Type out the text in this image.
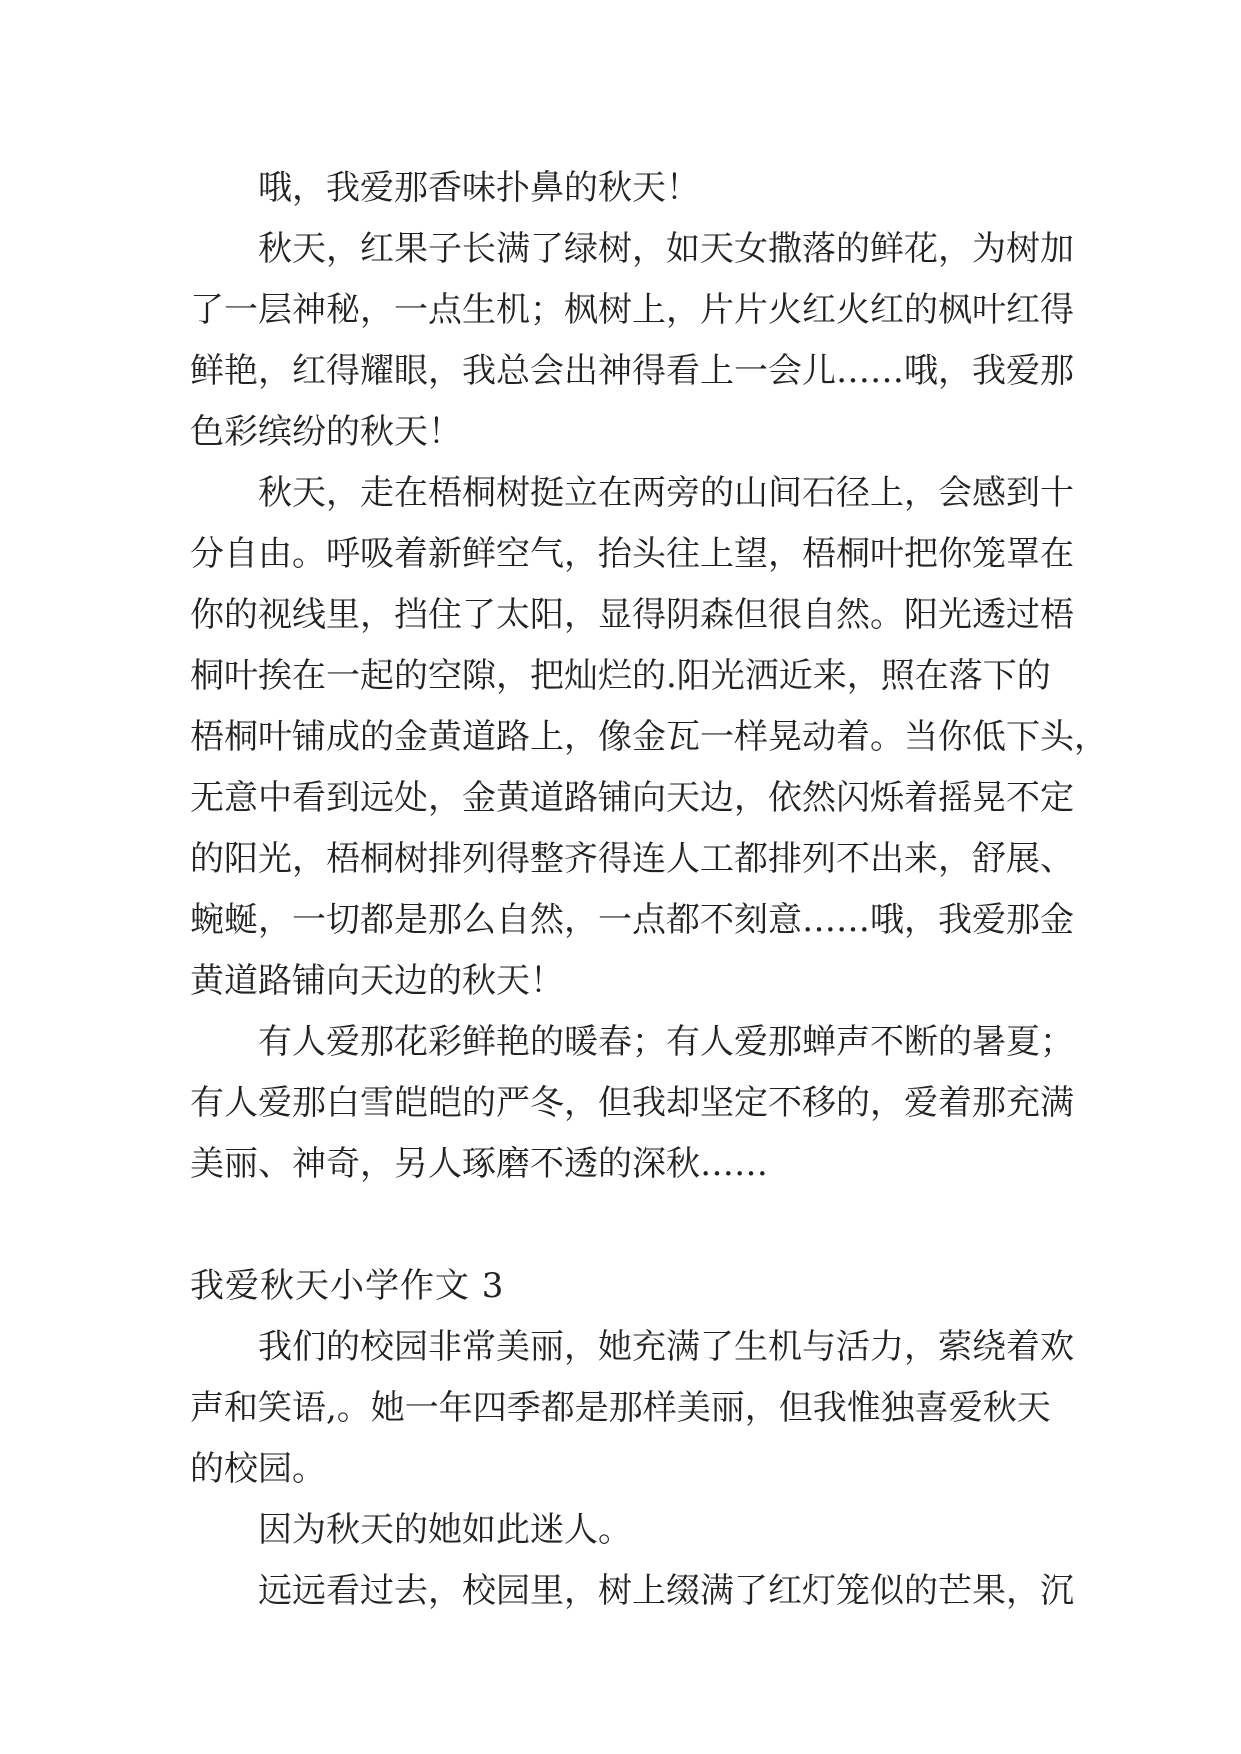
哦，我爱那香味扑鼻的秋天！
秋天，红果子长满了绿树，如天女撒落的鲜花，为树加
了一层神秘，一点生机；枫树上，片片火红火红的枫叶红得
鲜艳，红得耀眼，我总会出神得看上一会儿……哦，我爱那
色彩缤纷的秋天！
秋天，走在梧桐树挺立在两旁的山间石径上，会感到十
分自由。呼吸着新鲜空气，抬头往上望，梧桐叶把你笼罩在
你的视线里，挡住了太阳，显得阴森但很自然。阳光透过梧
桐叶挨在一起的空隙，把灿烂的.阳光洒近来，照在落下的
梧桐叶铺成的金黄道路上，像金瓦一样晃动着。当你低下头，
无意中看到远处，金黄道路铺向天边，依然闪烁着摇晃不定
的阳光，梧桐树排列得整齐得连人工都排列不出来，舒展、
蜿蜒，一切都是那么自然，一点都不刻意……哦，我爱那金
黄道路铺向天边的秋天！
有人爱那花彩鲜艳的暖春；有人爱那蝉声不断的暑夏；
有人爱那白雪皑皑的严冬，但我却坚定不移的，爱着那充满
美丽、神奇，另人琢磨不透的深秋……
我爱秋天小学作文 3
我们的校园非常美丽，她充满了生机与活力，萦绕着欢
声和笑语,。她一年四季都是那样美丽，但我惟独喜爱秋天
的校园。
因为秋天的她如此迷人。
远远看过去，校园里，树上缀满了红灯笼似的芒果，沉
